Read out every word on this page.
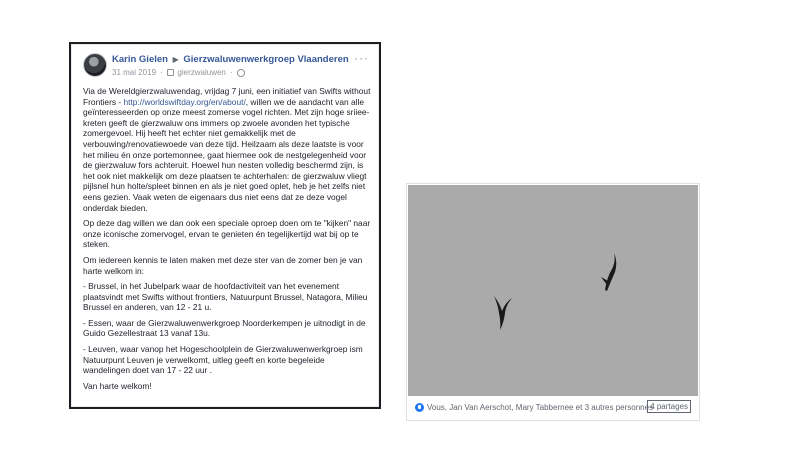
Karin Gielen ▶ Gierzwaluwenwerkgroep Vlaanderen
31 mai 2019 · gierzwaluwen ·
···

Via de Wereldgierzwaluwendag, vrijdag 7 juni, een initiatief van Swifts without Frontiers - http://worldswiftday.org/en/about/, willen we de aandacht van alle geïnteresseerden op onze meest zomerse vogel richten. Met zijn hoge sriiee-kreten geeft de gierzwaluw ons immers op zwoele avonden het typische zomergevoel. Hij heeft het echter niet gemakkelijk met de verbouwing/renovatiewoede van deze tijd. Heilzaam als deze laatste is voor het milieu én onze portemonnee, gaat hiermee ook de nestgelegenheid voor de gierzwaluw fors achteruit. Hoewel hun nesten volledig beschermd zijn, is het ook niet makkelijk om deze plaatsen te achterhalen: de gierzwaluw vliegt pijlsnel hun holte/spleet binnen en als je niet goed oplet, heb je het zelfs niet eens gezien. Vaak weten de eigenaars dus niet eens dat ze deze vogel onderdak bieden.

Op deze dag willen we dan ook een speciale oproep doen om te "kijken" naar onze iconische zomervogel, ervan te genieten én tegelijkertijd wat bij op te steken.

Om iedereen kennis te laten maken met deze ster van de zomer ben je van harte welkom in:

- Brussel, in het Jubelpark waar de hoofdactiviteit van het evenement plaatsvindt met Swifts without frontiers, Natuurpunt Brussel, Natagora, Milieu Brussel en anderen, van 12 - 21 u.

- Essen, waar de Gierzwaluwenwerkgroep Noorderkempen je uitnodigt in de Guido Gezellestraat 13 vanaf 13u.

- Leuven, waar vanop het Hogeschoolplein de Gierzwaluwenwerkgroep ism Natuurpunt Leuven je verwelkomt, uitleg geeft en korte begeleide wandelingen doet van 17 - 22 uur .

Van harte welkom!

Vous, Jan Van Aerschot, Mary Tabbernee et 3 autres personnes
4 partages
